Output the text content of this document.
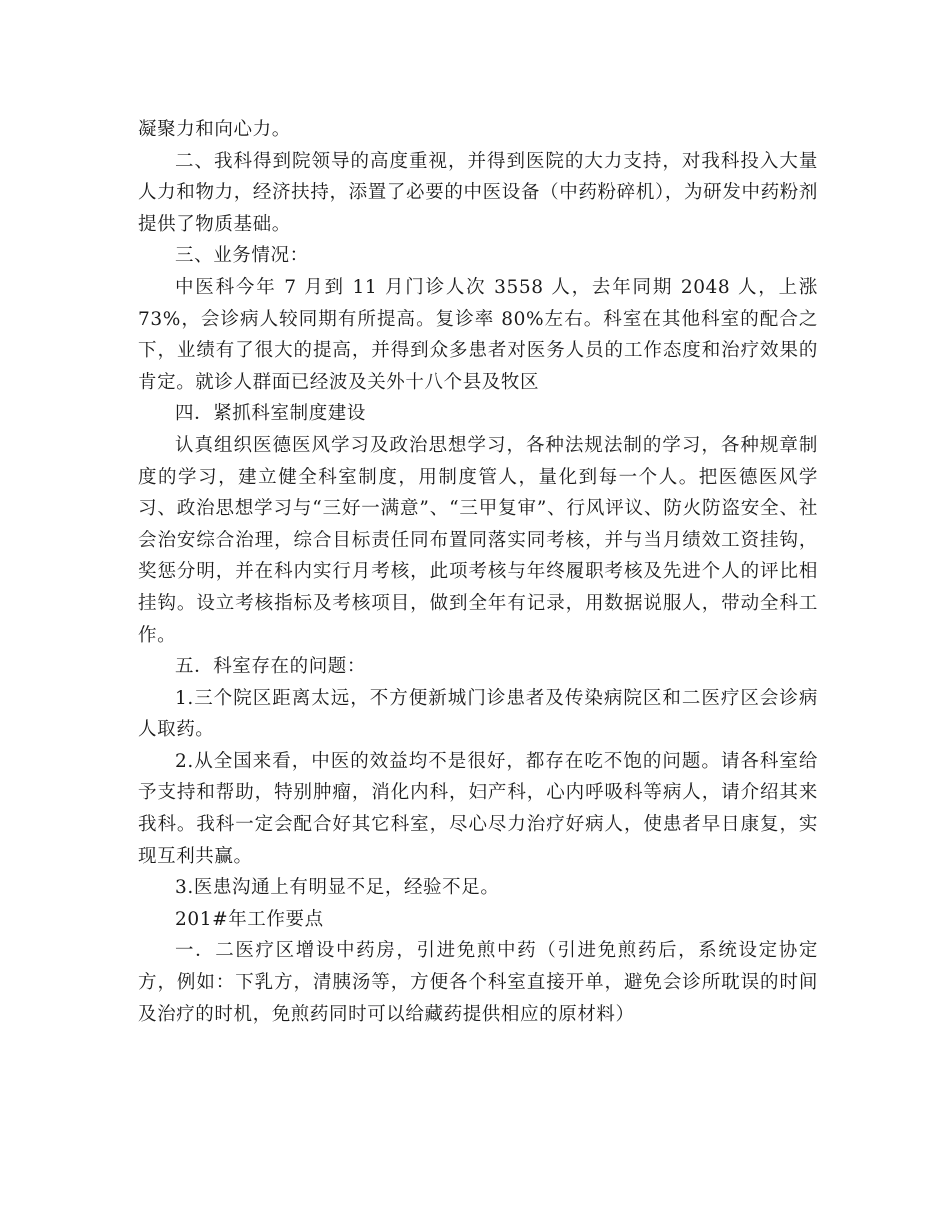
凝聚力和向心力。

二、我科得到院领导的高度重视，并得到医院的大力支持，对我科投入大量人力和物力，经济扶持，添置了必要的中医设备（中药粉碎机），为研发中药粉剂提供了物质基础。

三、业务情况：

中医科今年 7 月到 11 月门诊人次 3558 人，去年同期 2048 人，上涨 73%，会诊病人较同期有所提高。复诊率 80%左右。科室在其他科室的配合之下，业绩有了很大的提高，并得到众多患者对医务人员的工作态度和治疗效果的肯定。就诊人群面已经波及关外十八个县及牧区

四．紧抓科室制度建设

认真组织医德医风学习及政治思想学习，各种法规法制的学习，各种规章制度的学习，建立健全科室制度，用制度管人，量化到每一个人。把医德医风学习、政治思想学习与“三好一满意”、“三甲复审”、行风评议、防火防盗安全、社会治安综合治理，综合目标责任同布置同落实同考核，并与当月绩效工资挂钩，奖惩分明，并在科内实行月考核，此项考核与年终履职考核及先进个人的评比相挂钩。设立考核指标及考核项目，做到全年有记录，用数据说服人，带动全科工作。

五．科室存在的问题：

1.三个院区距离太远，不方便新城门诊患者及传染病院区和二医疗区会诊病人取药。

2.从全国来看，中医的效益均不是很好，都存在吃不饱的问题。请各科室给予支持和帮助，特别肿瘤，消化内科，妇产科，心内呼吸科等病人，请介绍其来我科。我科一定会配合好其它科室，尽心尽力治疗好病人，使患者早日康复，实现互利共赢。

3.医患沟通上有明显不足，经验不足。

201#年工作要点

一．二医疗区增设中药房，引进免煎中药（引进免煎药后，系统设定协定方，例如：下乳方，清胰汤等，方便各个科室直接开单，避免会诊所耽误的时间及治疗的时机，免煎药同时可以给藏药提供相应的原材料）
